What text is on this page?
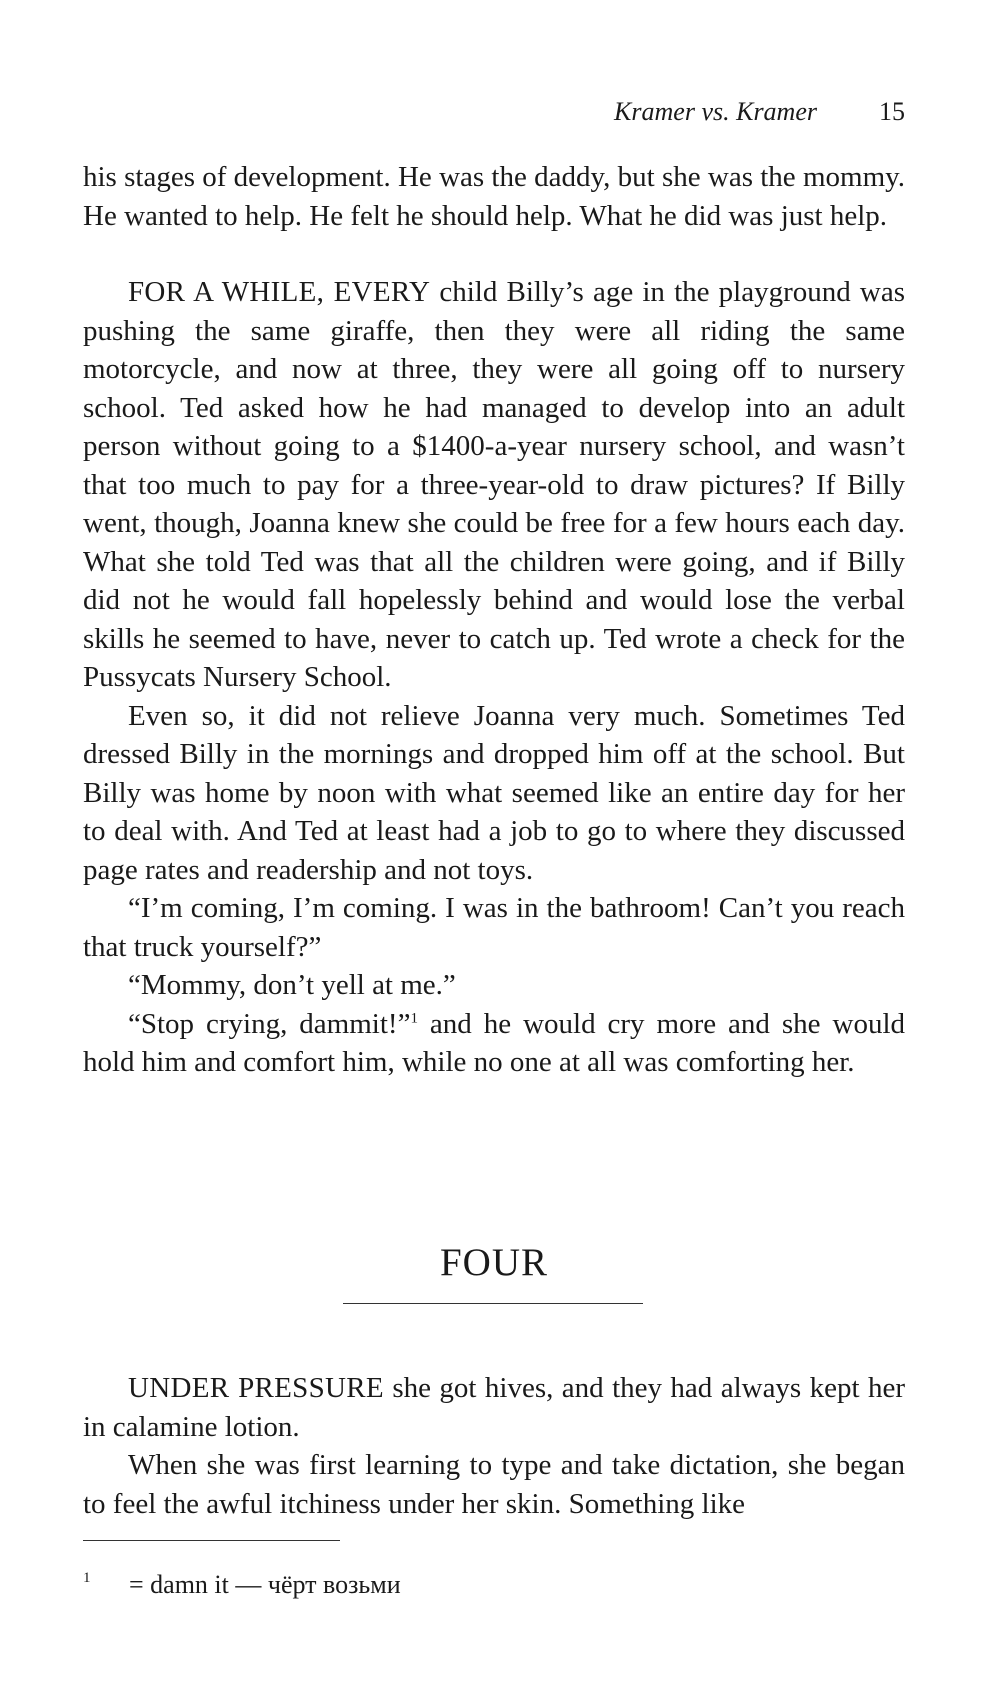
Kramer vs. Kramer 15

his stages of development. He was the daddy, but she was the mommy. He wanted to help. He felt he should help. What he did was just help.

FOR A WHILE, EVERY child Billy’s age in the playground was pushing the same giraffe, then they were all riding the same motorcycle, and now at three, they were all going off to nursery school. Ted asked how he had managed to develop into an adult person without going to a $1400-a-year nursery school, and wasn’t that too much to pay for a three-year-old to draw pictures? If Billy went, though, Joanna knew she could be free for a few hours each day. What she told Ted was that all the children were going, and if Billy did not he would fall hopelessly behind and would lose the verbal skills he seemed to have, never to catch up. Ted wrote a check for the Pussycats Nursery School.

Even so, it did not relieve Joanna very much. Sometimes Ted dressed Billy in the mornings and dropped him off at the school. But Billy was home by noon with what seemed like an entire day for her to deal with. And Ted at least had a job to go to where they discussed page rates and readership and not toys.

“I’m coming, I’m coming. I was in the bathroom! Can’t you reach that truck yourself?”

“Mommy, don’t yell at me.”

“Stop crying, dammit!”$^1$ and he would cry more and she would hold him and comfort him, while no one at all was comforting her.

FOUR

UNDER PRESSURE she got hives, and they had always kept her in calamine lotion.

When she was first learning to type and take dictation, she began to feel the awful itchiness under her skin. Something like

1 = damn it — чёрт возьми
